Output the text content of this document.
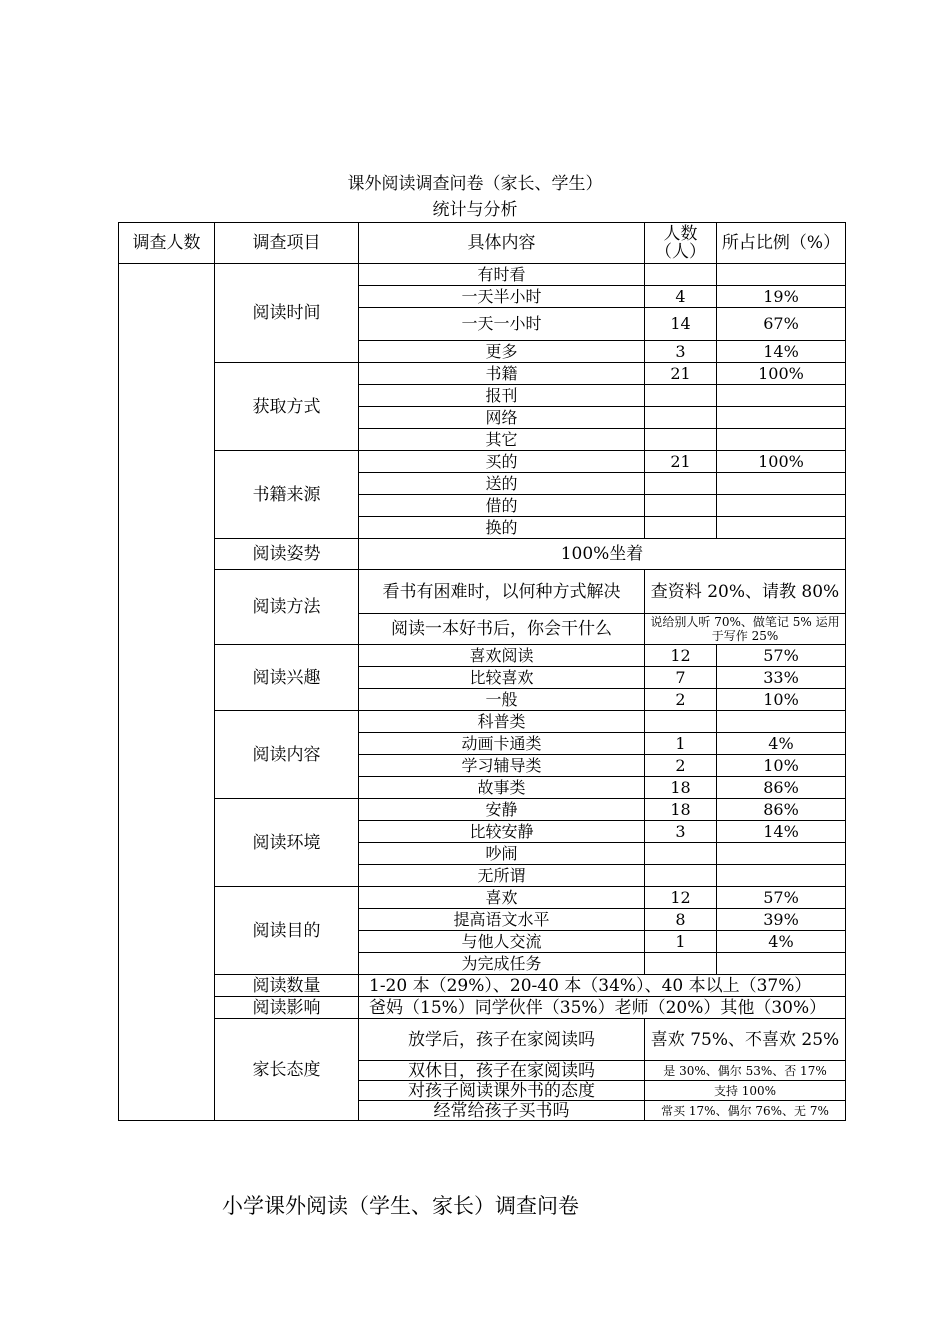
课外阅读调查问卷（家长、学生）
统计与分析
调查人数	调查项目	具体内容	人数（人）	所占比例（%）
	阅读时间	有时看		
		一天半小时	4	19%
		一天一小时	14	67%
		更多	3	14%
	获取方式	书籍	21	100%
		报刊		
		网络		
		其它		
	书籍来源	买的	21	100%
		送的		
		借的		
		换的		
	阅读姿势	100%坐着		
	阅读方法	看书有困难时，以何种方式解决	查资料 20%、请教 80%	
		阅读一本好书后，你会干什么	说给别人听 70%、做笔记 5% 运用于写作 25%	
	阅读兴趣	喜欢阅读	12	57%
		比较喜欢	7	33%
		一般	2	10%
	阅读内容	科普类		
		动画卡通类	1	4%
		学习辅导类	2	10%
		故事类	18	86%
	阅读环境	安静	18	86%
		比较安静	3	14%
		吵闹		
		无所谓		
	阅读目的	喜欢	12	57%
		提高语文水平	8	39%
		与他人交流	1	4%
		为完成任务		
	阅读数量	1-20 本（29%）、20-40 本（34%）、40 本以上（37%）		
	阅读影响	爸妈（15%）同学伙伴（35%）老师（20%）其他（30%）		
	家长态度	放学后，孩子在家阅读吗	喜欢 75%、不喜欢 25%	
		双休日，孩子在家阅读吗	是 30%、偶尔 53%、否 17%	
		对孩子阅读课外书的态度	支持 100%	
		经常给孩子买书吗	常买 17%、偶尔 76%、无 7%	
小学课外阅读（学生、家长）调查问卷
